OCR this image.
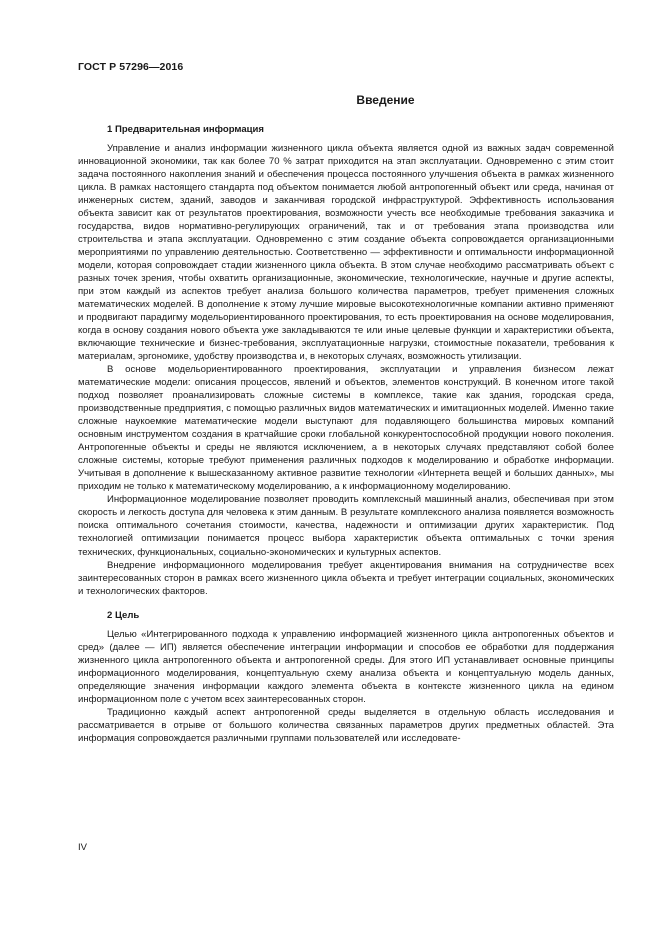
ГОСТ Р 57296—2016
Введение
1 Предварительная информация

Управление и анализ информации жизненного цикла объекта является одной из важных задач современной инновационной экономики, так как более 70 % затрат приходится на этап эксплуатации. Одновременно с этим стоит задача постоянного накопления знаний и обеспечения процесса постоянного улучшения объекта в рамках жизненного цикла. В рамках настоящего стандарта под объектом понимается любой антропогенный объект или среда, начиная от инженерных систем, зданий, заводов и заканчивая городской инфраструктурой. Эффективность использования объекта зависит как от результатов проектирования, возможности учесть все необходимые требования заказчика и государства, видов нормативно-регулирующих ограничений, так и от требования этапа производства или строительства и этапа эксплуатации. Одновременно с этим создание объекта сопровождается организационными мероприятиями по управлению деятельностью. Соответственно — эффективности и оптимальности информационной модели, которая сопровождает стадии жизненного цикла объекта. В этом случае необходимо рассматривать объект с разных точек зрения, чтобы охватить организационные, экономические, технологические, научные и другие аспекты, при этом каждый из аспектов требует анализа большого количества параметров, требует применения сложных математических моделей. В дополнение к этому лучшие мировые высокотехнологичные компании активно применяют и продвигают парадигму модельориентированного проектирования, то есть проектирования на основе моделирования, когда в основу создания нового объекта уже закладываются те или иные целевые функции и характеристики объекта, включающие технические и бизнес-требования, эксплуатационные нагрузки, стоимостные показатели, требования к материалам, эргономике, удобству производства и, в некоторых случаях, возможность утилизации.

В основе модельориентированного проектирования, эксплуатации и управления бизнесом лежат математические модели: описания процессов, явлений и объектов, элементов конструкций. В конечном итоге такой подход позволяет проанализировать сложные системы в комплексе, такие как здания, городская среда, производственные предприятия, с помощью различных видов математических и имитационных моделей. Именно такие сложные наукоемкие математические модели выступают для подавляющего большинства мировых компаний основным инструментом создания в кратчайшие сроки глобальной конкурентоспособной продукции нового поколения. Антропогенные объекты и среды не являются исключением, а в некоторых случаях представляют собой более сложные системы, которые требуют применения различных подходов к моделированию и обработке информации. Учитывая в дополнение к вышесказанному активное развитие технологии «Интернета вещей и больших данных», мы приходим не только к математическому моделированию, а к информационному моделированию.

Информационное моделирование позволяет проводить комплексный машинный анализ, обеспечивая при этом скорость и легкость доступа для человека к этим данным. В результате комплексного анализа появляется возможность поиска оптимального сочетания стоимости, качества, надежности и оптимизации других характеристик. Под технологией оптимизации понимается процесс выбора характеристик объекта оптимальных с точки зрения технических, функциональных, социально-экономических и культурных аспектов.

Внедрение информационного моделирования требует акцентирования внимания на сотрудничестве всех заинтересованных сторон в рамках всего жизненного цикла объекта и требует интеграции социальных, экономических и технологических факторов.

2 Цель

Целью «Интегрированного подхода к управлению информацией жизненного цикла антропогенных объектов и сред» (далее — ИП) является обеспечение интеграции информации и способов ее обработки для поддержания жизненного цикла антропогенного объекта и антропогенной среды. Для этого ИП устанавливает основные принципы информационного моделирования, концептуальную схему анализа объекта и концептуальную модель данных, определяющие значения информации каждого элемента объекта в контексте жизненного цикла на едином информационном поле с учетом всех заинтересованных сторон.

Традиционно каждый аспект антропогенной среды выделяется в отдельную область исследования и рассматривается в отрыве от большого количества связанных параметров других предметных областей. Эта информация сопровождается различными группами пользователей или исследовате-

IV
